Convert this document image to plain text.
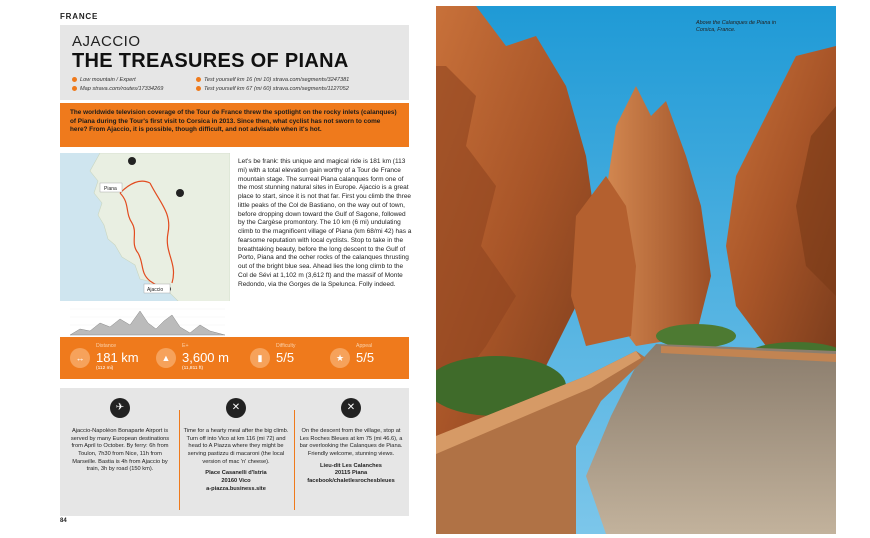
FRANCE
AJACCIO
THE TREASURES OF PIANA
Low mountain / Expert
Map strava.com/routes/17334269
Test yourself km 16 (mi 10) strava.com/segments/3247381
Test yourself km 67 (mi 60) strava.com/segments/1127052

The worldwide television coverage of the Tour de France threw the spotlight on the rocky inlets (calanques) of Piana during the Tour's first visit to Corsica in 2013. Since then, what cyclist has not sworn to come here? From Ajaccio, it is possible, though difficult, and not advisable when it's hot.

Piana
Ajaccio

Let's be frank: this unique and magical ride is 181 km (113 mi) with a total elevation gain worthy of a Tour de France mountain stage. The surreal Piana calanques form one of the most stunning natural sites in Europe. Ajaccio is a great place to start, since it is not that far. First you climb the three little peaks of the Col de Bastiano, on the way out of town, before dropping down toward the Gulf of Sagone, followed by the Cargèse promontory. The 10 km (6 mi) undulating climb to the magnificent village of Piana (km 68/mi 42) has a fearsome reputation with local cyclists. Stop to take in the breathtaking beauty, before the long descent to the Gulf of Porto, Piana and the ocher rocks of the calanques thrusting out of the bright blue sea. Ahead lies the long climb to the Col de Sévi at 1,102 m (3,612 ft) and the massif of Monte Redondo, via the Gorges de la Spelunca. Folly indeed.

↔
Distance
181 km
(112 mi)
▲
E+
3,600 m
(11,811 ft)
▮
Difficulty
5/5	★
Appeal
5/5
✈
Ajaccio-Napoléon Bonaparte Airport is served by many European destinations from April to October. By ferry: 6h from Toulon, 7h30 from Nice, 11h from Marseille. Bastia is 4h from Ajaccio by train, 3h by road (150 km).
✕
Time for a hearty meal after the big climb. Turn off into Vico at km 116 (mi 72) and head to A Piazza where they might be serving pastizzu di macaroni (the local version of mac 'n' cheese).
Place Casanelli d'Istria
20160 Vico
a-piazza.business.site
✕
On the descent from the village, stop at Les Roches Bleues at km 75 (mi 46.6), a bar overlooking the Calanques de Piana. Friendly welcome, stunning views.
Lieu-dit Les Calanches
20115 Piana
facebook/chaletlesrochesbleues
84
Above the Calanques de Piana in Corsica, France.
